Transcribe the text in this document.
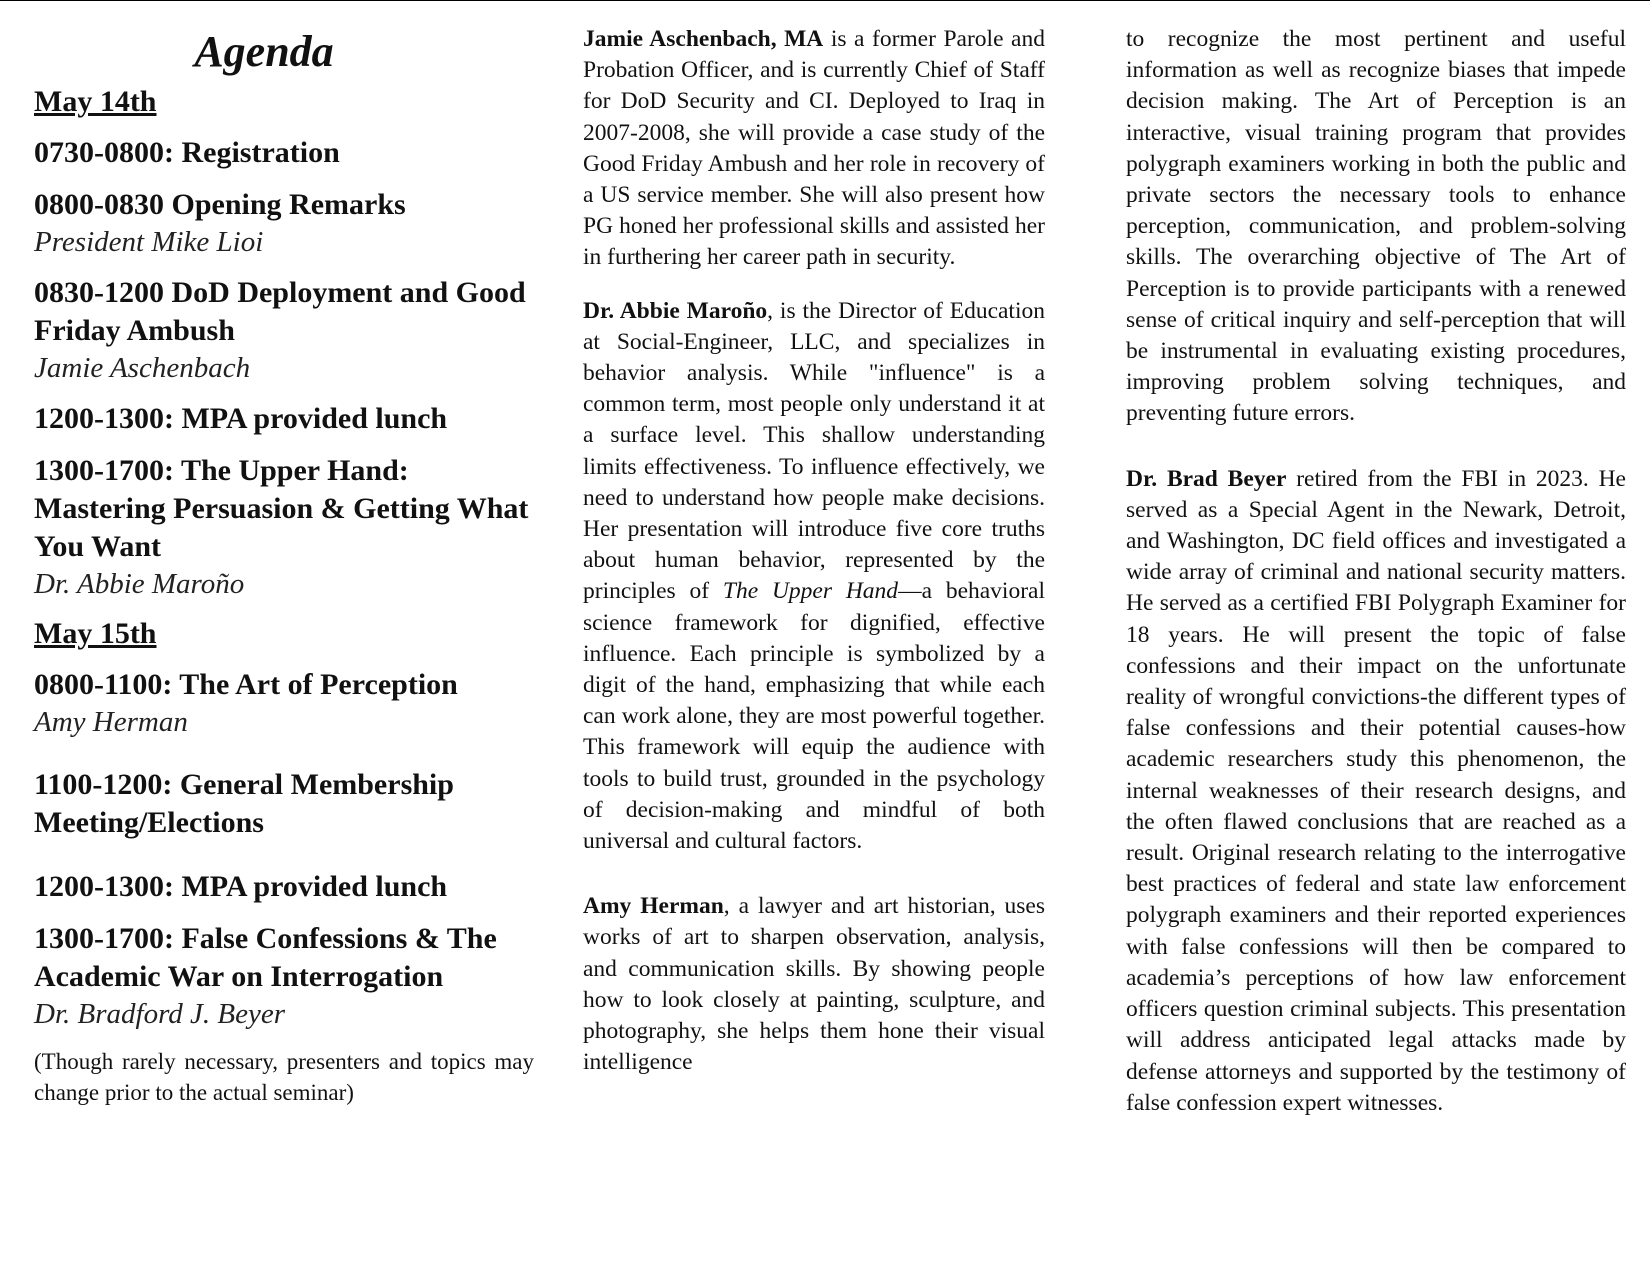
Agenda
May 14th
0730-0800: Registration
0800-0830 Opening Remarks
President Mike Lioi
0830-1200 DoD Deployment and Good Friday Ambush
Jamie Aschenbach
1200-1300: MPA provided lunch
1300-1700: The Upper Hand: Mastering Persuasion & Getting What You Want
Dr. Abbie Maroño
May 15th
0800-1100: The Art of Perception
Amy Herman
1100-1200: General Membership Meeting/Elections
1200-1300: MPA provided lunch
1300-1700: False Confessions & The Academic War on Interrogation
Dr. Bradford J. Beyer
(Though rarely necessary, presenters and topics may change prior to the actual seminar)

Jamie Aschenbach, MA is a former Parole and Probation Officer, and is currently Chief of Staff for DoD Security and CI. Deployed to Iraq in 2007-2008, she will provide a case study of the Good Friday Ambush and her role in recovery of a US service member. She will also present how PG honed her professional skills and assisted her in furthering her career path in security.

Dr. Abbie Maroño, is the Director of Education at Social-Engineer, LLC, and specializes in behavior analysis. While "influence" is a common term, most people only understand it at a surface level. This shallow understanding limits effectiveness. To influence effectively, we need to understand how people make decisions. Her presentation will introduce five core truths about human behavior, represented by the principles of The Upper Hand—a behavioral science framework for dignified, effective influence. Each principle is symbolized by a digit of the hand, emphasizing that while each can work alone, they are most powerful together. This framework will equip the audience with tools to build trust, grounded in the psychology of decision-making and mindful of both universal and cultural factors.

Amy Herman, a lawyer and art historian, uses works of art to sharpen observation, analysis, and communication skills. By showing people how to look closely at painting, sculpture, and photography, she helps them hone their visual intelligence

to recognize the most pertinent and useful information as well as recognize biases that impede decision making. The Art of Perception is an interactive, visual training program that provides polygraph examiners working in both the public and private sectors the necessary tools to enhance perception, communication, and problem-solving skills. The overarching objective of The Art of Perception is to provide participants with a renewed sense of critical inquiry and self-perception that will be instrumental in evaluating existing procedures, improving problem solving techniques, and preventing future errors.

Dr. Brad Beyer retired from the FBI in 2023. He served as a Special Agent in the Newark, Detroit, and Washington, DC field offices and investigated a wide array of criminal and national security matters. He served as a certified FBI Polygraph Examiner for 18 years. He will present the topic of false confessions and their impact on the unfortunate reality of wrongful convictions-the different types of false confessions and their potential causes-how academic researchers study this phenomenon, the internal weaknesses of their research designs, and the often flawed conclusions that are reached as a result. Original research relating to the interrogative best practices of federal and state law enforcement polygraph examiners and their reported experiences with false confessions will then be compared to academia’s perceptions of how law enforcement officers question criminal subjects. This presentation will address anticipated legal attacks made by defense attorneys and supported by the testimony of false confession expert witnesses.
